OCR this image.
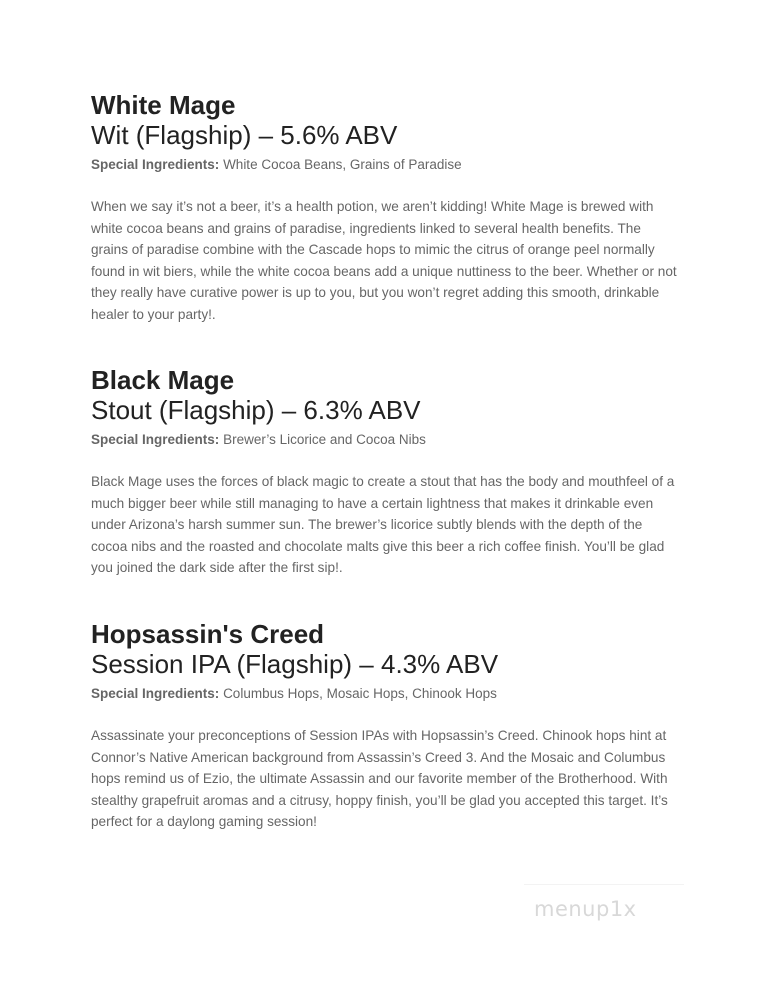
White Mage
Wit (Flagship) – 5.6% ABV

Special Ingredients: White Cocoa Beans, Grains of Paradise

When we say it’s not a beer, it’s a health potion, we aren’t kidding! White Mage is brewed with white cocoa beans and grains of paradise, ingredients linked to several health benefits. The grains of paradise combine with the Cascade hops to mimic the citrus of orange peel normally found in wit biers, while the white cocoa beans add a unique nuttiness to the beer. Whether or not they really have curative power is up to you, but you won’t regret adding this smooth, drinkable healer to your party!.

Black Mage
Stout (Flagship) – 6.3% ABV

Special Ingredients: Brewer’s Licorice and Cocoa Nibs

Black Mage uses the forces of black magic to create a stout that has the body and mouthfeel of a much bigger beer while still managing to have a certain lightness that makes it drinkable even under Arizona’s harsh summer sun. The brewer’s licorice subtly blends with the depth of the cocoa nibs and the roasted and chocolate malts give this beer a rich coffee finish. You’ll be glad you joined the dark side after the first sip!.

Hopsassin's Creed
Session IPA (Flagship) – 4.3% ABV

Special Ingredients: Columbus Hops, Mosaic Hops, Chinook Hops

Assassinate your preconceptions of Session IPAs with Hopsassin’s Creed. Chinook hops hint at Connor’s Native American background from Assassin’s Creed 3. And the Mosaic and Columbus hops remind us of Ezio, the ultimate Assassin and our favorite member of the Brotherhood. With stealthy grapefruit aromas and a citrusy, hoppy finish, you’ll be glad you accepted this target. It’s perfect for a daylong gaming session!

menup1x
